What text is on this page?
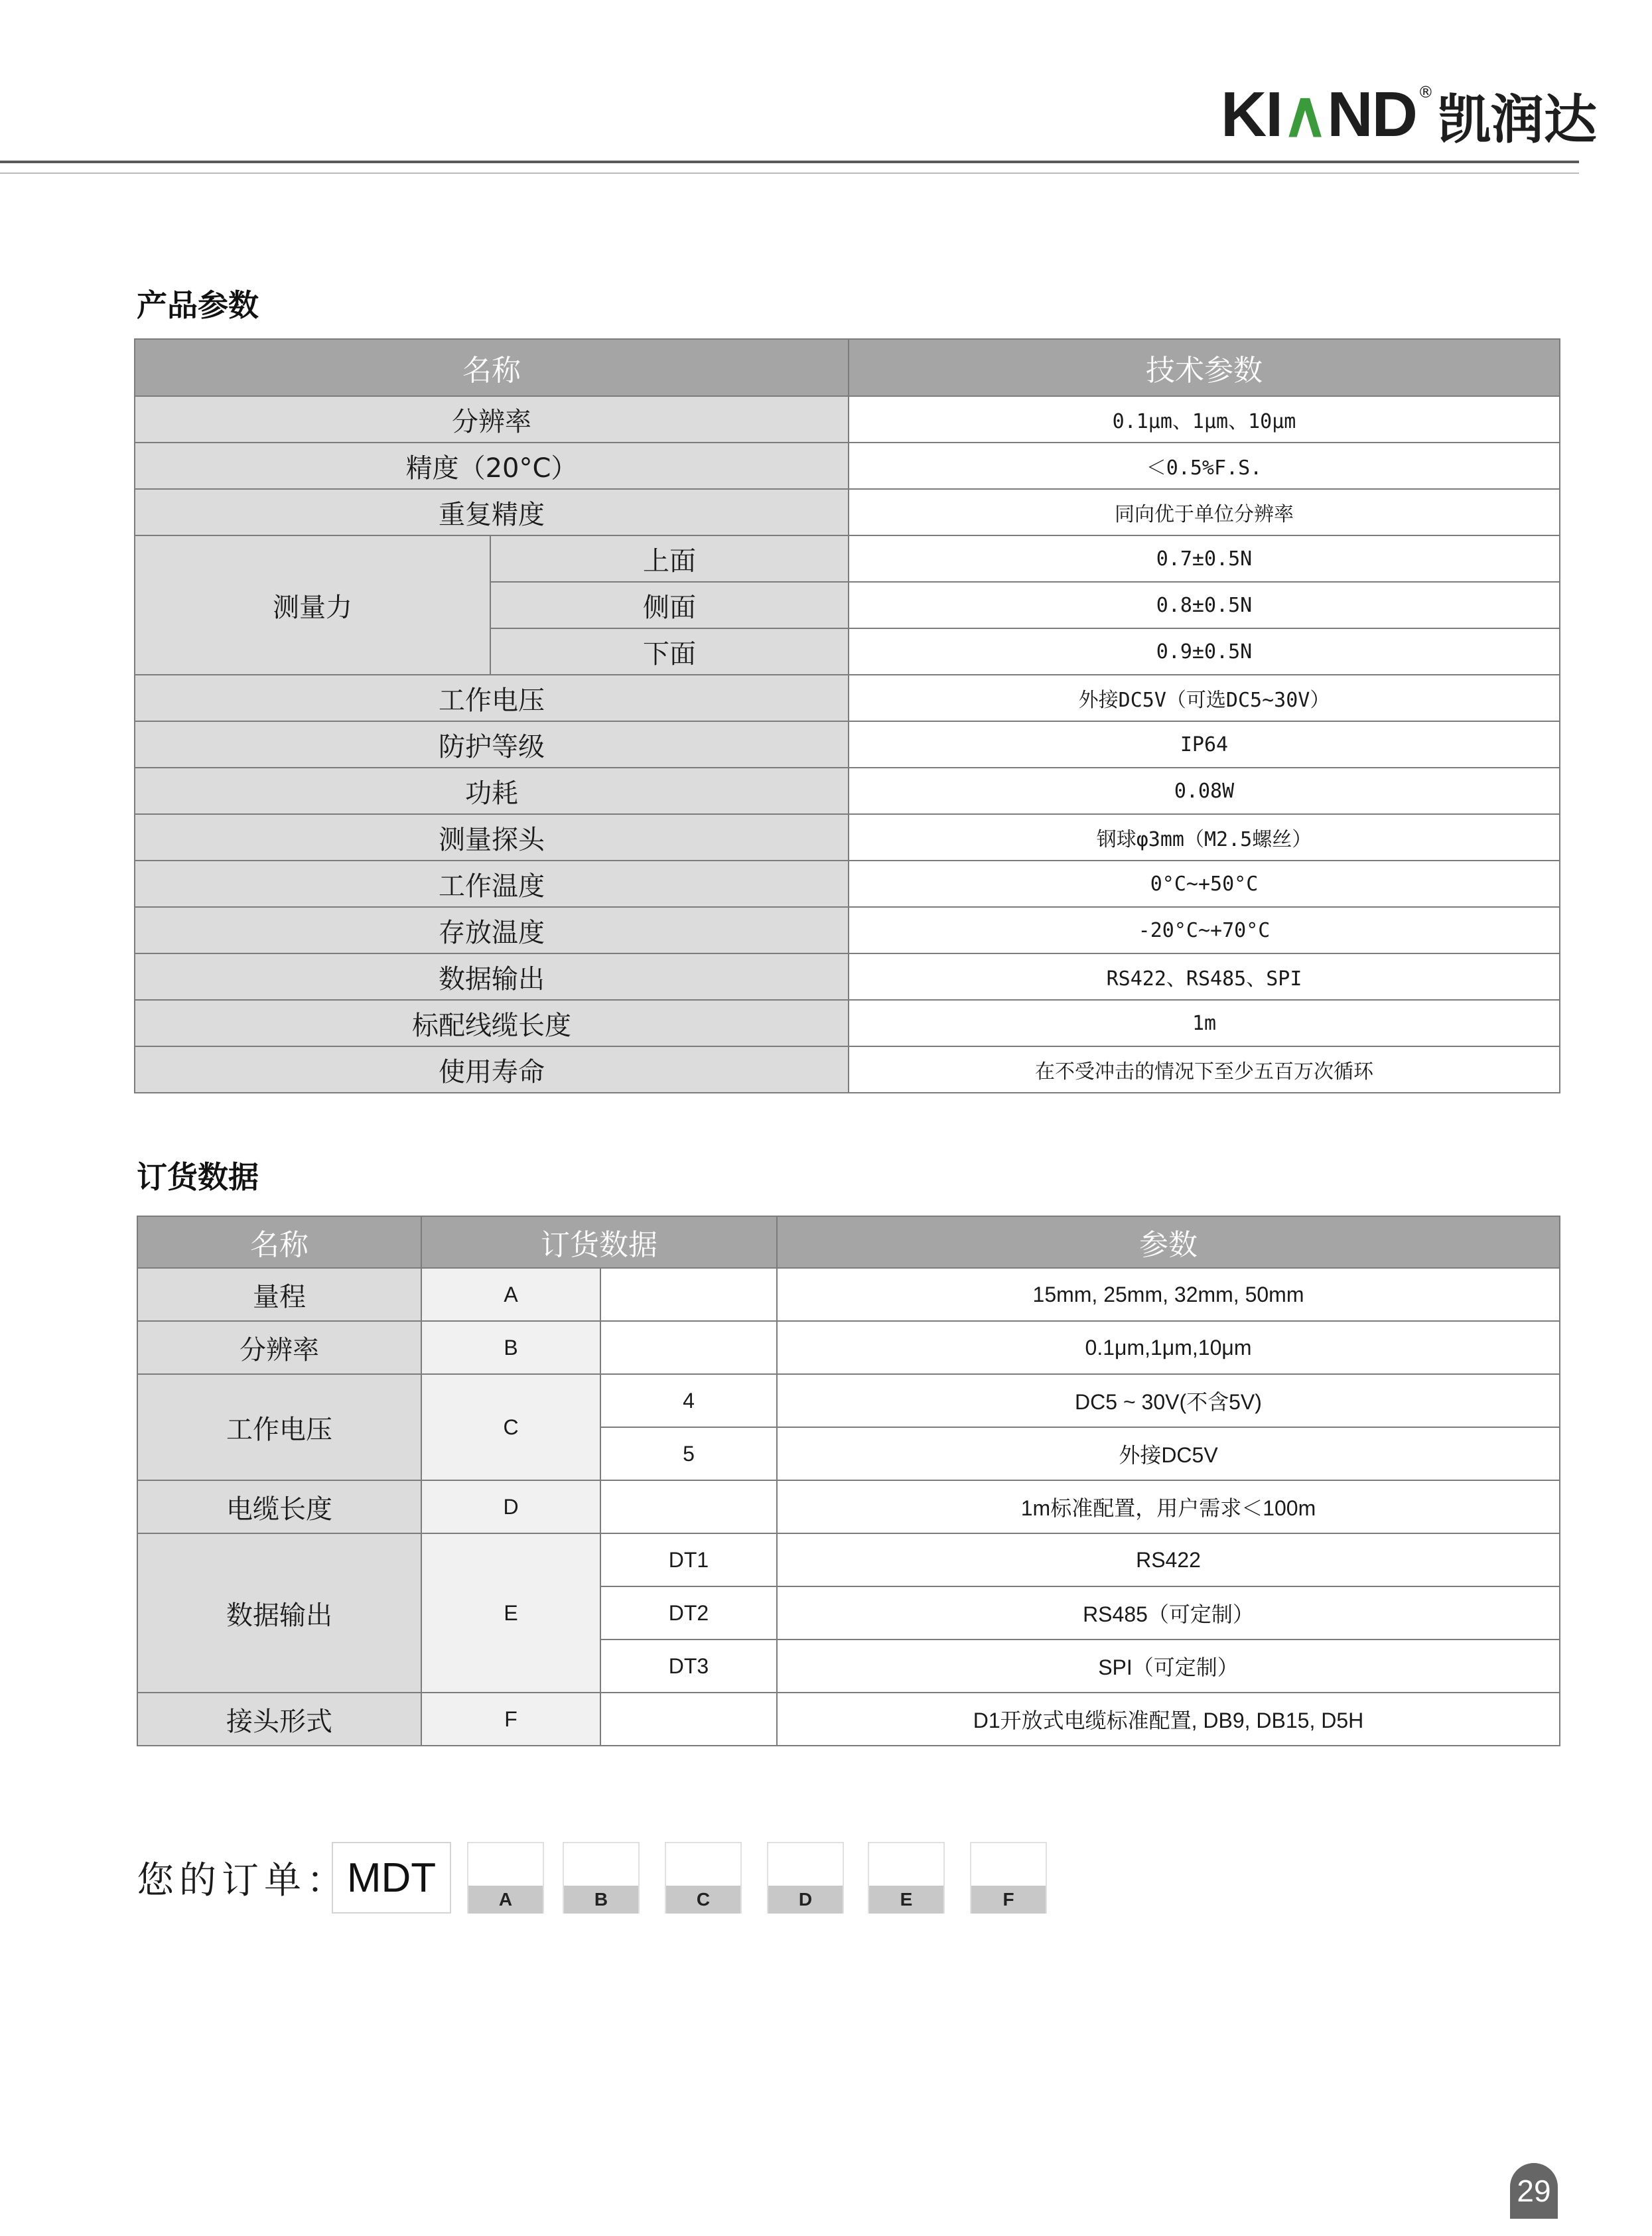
KI∧ND ® 凯润达
产品参数
名称		技术参数
分辨率		0.1μm、1μm、10μm
精度（20°C）		＜0.5%F.S.
重复精度		同向优于单位分辨率
测量力	上面	0.7±0.5N
	侧面	0.8±0.5N
	下面	0.9±0.5N
工作电压		外接DC5V（可选DC5~30V）
防护等级		IP64
功耗		0.08W
测量探头		钢球φ3mm（M2.5螺丝）
工作温度		0°C~+50°C
存放温度		-20°C~+70°C
数据输出		RS422、RS485、SPI
标配线缆长度		1m
使用寿命		在不受冲击的情况下至少五百万次循环
订货数据
名称	订货数据		参数
量程	A		15mm, 25mm, 32mm, 50mm
分辨率	B		0.1μm,1μm,10μm
工作电压	C	4	DC5 ~ 30V(不含5V)
		5	外接DC5V
电缆长度	D		1m标准配置，用户需求＜100m
数据输出	E	DT1	RS422
		DT2	RS485（可定制）
		DT3	SPI（可定制）
接头形式	F		D1开放式电缆标准配置, DB9, DB15, D5H
您的订单：
MDT	A	B	C	D	E	F
29
